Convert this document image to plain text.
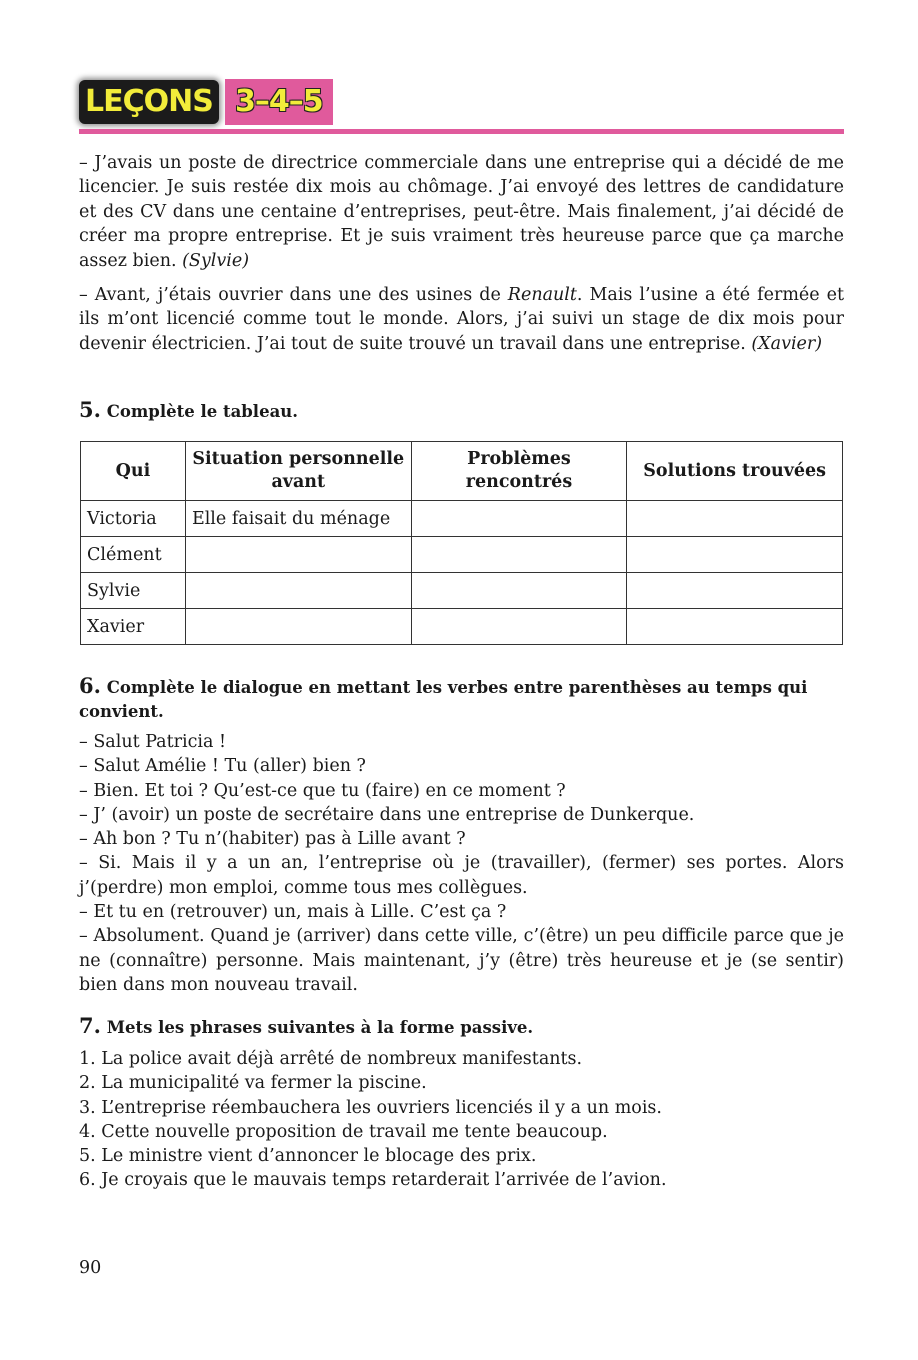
LEÇONS 3–4–5

– J’avais un poste de directrice commerciale dans une entreprise qui a décidé de me licencier. Je suis restée dix mois au chômage. J’ai envoyé des lettres de candidature et des CV dans une centaine d’entreprises, peut-être. Mais finalement, j’ai décidé de créer ma propre entreprise. Et je suis vraiment très heureuse parce que ça marche assez bien. (Sylvie)

– Avant, j’étais ouvrier dans une des usines de Renault. Mais l’usine a été fermée et ils m’ont licencié comme tout le monde. Alors, j’ai suivi un stage de dix mois pour devenir électricien. J’ai tout de suite trouvé un travail dans une entreprise. (Xavier)

5. Complète le tableau.
Qui	Situation personnelle avant	Problèmes rencontrés	Solutions trouvées
Victoria	Elle faisait du ménage		
Clément			
Sylvie			
Xavier			
6. Complète le dialogue en mettant les verbes entre parenthèses au temps qui convient.
– Salut Patricia !
– Salut Amélie ! Tu (aller) bien ?
– Bien. Et toi ? Qu’est-ce que tu (faire) en ce moment ?
– J’ (avoir) un poste de secrétaire dans une entreprise de Dunkerque.
– Ah bon ? Tu n’(habiter) pas à Lille avant ?
– Si. Mais il y a un an, l’entreprise où je (travailler), (fermer) ses portes. Alors j’(perdre) mon emploi, comme tous mes collègues.
– Et tu en (retrouver) un, mais à Lille. C’est ça ?
– Absolument. Quand je (arriver) dans cette ville, c’(être) un peu difficile parce que je ne (connaître) personne. Mais maintenant, j’y (être) très heureuse et je (se sentir) bien dans mon nouveau travail.
7. Mets les phrases suivantes à la forme passive.
1. La police avait déjà arrêté de nombreux manifestants.
2. La municipalité va fermer la piscine.
3. L’entreprise réembauchera les ouvriers licenciés il y a un mois.
4. Cette nouvelle proposition de travail me tente beaucoup.
5. Le ministre vient d’annoncer le blocage des prix.
6. Je croyais que le mauvais temps retarderait l’arrivée de l’avion.
90
